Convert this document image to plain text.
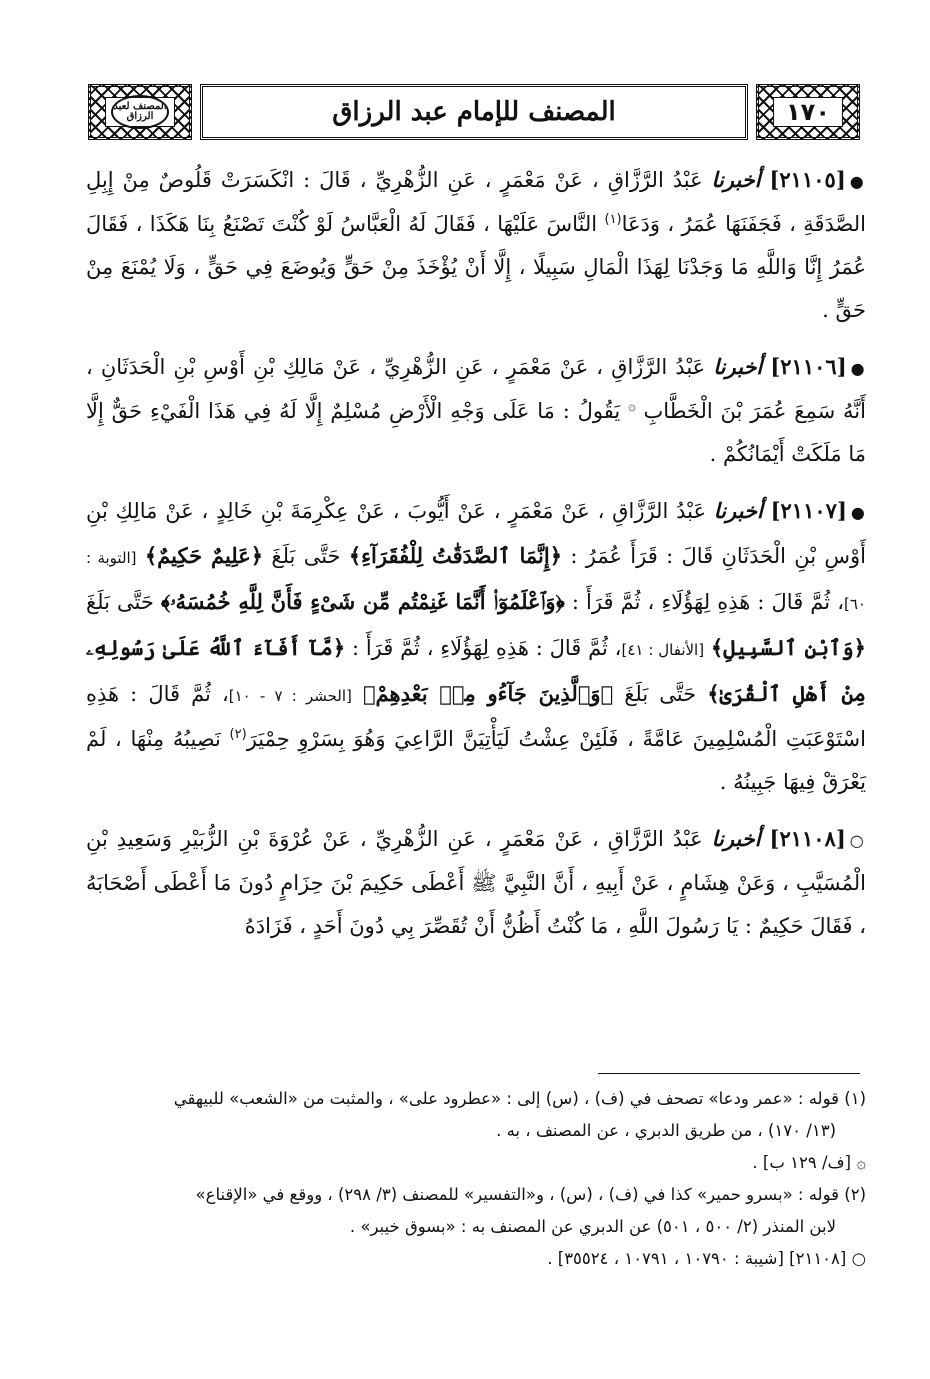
المصنف لعبد الرزاق	المصنف للإمام عبد الرزاق	١٧٠

●[٢١١٠٥] أخبرنا عَبْدُ الرَّزَّاقِ ، عَنْ مَعْمَرٍ ، عَنِ الزُّهْرِيِّ ، قَالَ : انْكَسَرَتْ قَلُوصٌ مِنْ إِبِلِ الصَّدَقَةِ ، فَجَفَنَهَا عُمَرُ ، وَدَعَا$^{(١)}$ النَّاسَ عَلَيْهَا ، فَقَالَ لَهُ الْعَبَّاسُ لَوْ كُنْتَ تَصْنَعُ بِنَا هَكَذَا ، فَقَالَ عُمَرُ إِنَّا وَاللَّهِ مَا وَجَدْنَا لِهَذَا الْمَالِ سَبِيلًا ، إِلَّا أَنْ يُؤْخَذَ مِنْ حَقٍّ وَيُوضَعَ فِي حَقٍّ ، وَلَا يُمْنَعَ مِنْ حَقٍّ .

●[٢١١٠٦] أخبرنا عَبْدُ الرَّزَّاقِ ، عَنْ مَعْمَرٍ ، عَنِ الزُّهْرِيِّ ، عَنْ مَالِكِ بْنِ أَوْسِ بْنِ الْحَدَثَانِ ، أَنَّهُ سَمِعَ عُمَرَ بْنَ الْخَطَّابِ ۞ يَقُولُ : مَا عَلَى وَجْهِ الْأَرْضِ مُسْلِمٌ إِلَّا لَهُ فِي هَذَا الْفَيْءِ حَقٌّ إِلَّا مَا مَلَكَتْ أَيْمَانُكُمْ .

●[٢١١٠٧] أخبرنا عَبْدُ الرَّزَّاقِ ، عَنْ مَعْمَرٍ ، عَنْ أَيُّوبَ ، عَنْ عِكْرِمَةَ بْنِ خَالِدٍ ، عَنْ مَالِكِ بْنِ أَوْسِ بْنِ الْحَدَثَانِ قَالَ : قَرَأَ عُمَرُ : ﴿إِنَّمَا ٱلصَّدَقَٰتُ لِلْفُقَرَآءِ﴾ حَتَّى بَلَغَ ﴿عَلِيمٌ حَكِيمٌ﴾ [التوبة : ٦٠]، ثُمَّ قَالَ : هَذِهِ لِهَؤُلَاءِ ، ثُمَّ قَرَأَ : ﴿وَٱعْلَمُوٓا۟ أَنَّمَا غَنِمْتُم مِّن شَىْءٍ فَأَنَّ لِلَّهِ خُمُسَهُۥ﴾ حَتَّى بَلَغَ ﴿وَٱبْنِ ٱلسَّبِيلِ﴾ [الأنفال : ٤١]، ثُمَّ قَالَ : هَذِهِ لِهَؤُلَاءِ ، ثُمَّ قَرَأَ : ﴿مَّآ أَفَآءَ ٱللَّهُ عَلَىٰ رَسُولِهِۦ مِنْ أَهْلِ ٱلْقُرَىٰ﴾ حَتَّى بَلَغَ ﴿وَٱلَّذِينَ جَآءُو مِنۢ بَعْدِهِمْ﴾ [الحشر : ٧ - ١٠]، ثُمَّ قَالَ : هَذِهِ اسْتَوْعَبَتِ الْمُسْلِمِينَ عَامَّةً ، فَلَئِنْ عِشْتُ لَيَأْتِيَنَّ الرَّاعِيَ وَهُوَ بِسَرْوِ حِمْيَرَ$^{(٢)}$ نَصِيبُهُ مِنْهَا ، لَمْ يَعْرَقْ فِيهَا جَبِينُهُ .

○[٢١١٠٨] أخبرنا عَبْدُ الرَّزَّاقِ ، عَنْ مَعْمَرٍ ، عَنِ الزُّهْرِيِّ ، عَنْ عُرْوَةَ بْنِ الزُّبَيْرِ وَسَعِيدِ بْنِ الْمُسَيَّبِ ، وَعَنْ هِشَامٍ ، عَنْ أَبِيهِ ، أَنَّ النَّبِيَّ ﷺ أَعْطَى حَكِيمَ بْنَ حِزَامٍ دُونَ مَا أَعْطَى أَصْحَابَهُ ، فَقَالَ حَكِيمٌ : يَا رَسُولَ اللَّهِ ، مَا كُنْتُ أَظُنُّ أَنْ تُقَصِّرَ بِي دُونَ أَحَدٍ ، فَزَادَهُ

(١) قوله : «عمر ودعا» تصحف في (ف) ، (س) إلى : «عطرود على» ، والمثبت من «الشعب» للبيهقي

(١٣/ ١٧٠) ، من طريق الدبري ، عن المصنف ، به .

۞ [ف/ ١٢٩ ب] .

(٢) قوله : «بسرو حمير» كذا في (ف) ، (س) ، و«التفسير» للمصنف (٣/ ٢٩٨) ، ووقع في «الإقناع»

لابن المنذر (٢/ ٥٠٠ ، ٥٠١) عن الدبري عن المصنف به : «بسوق خيبر» .

○ [٢١١٠٨] [شيبة : ١٠٧٩٠ ، ١٠٧٩١ ، ٣٥٥٢٤] .
